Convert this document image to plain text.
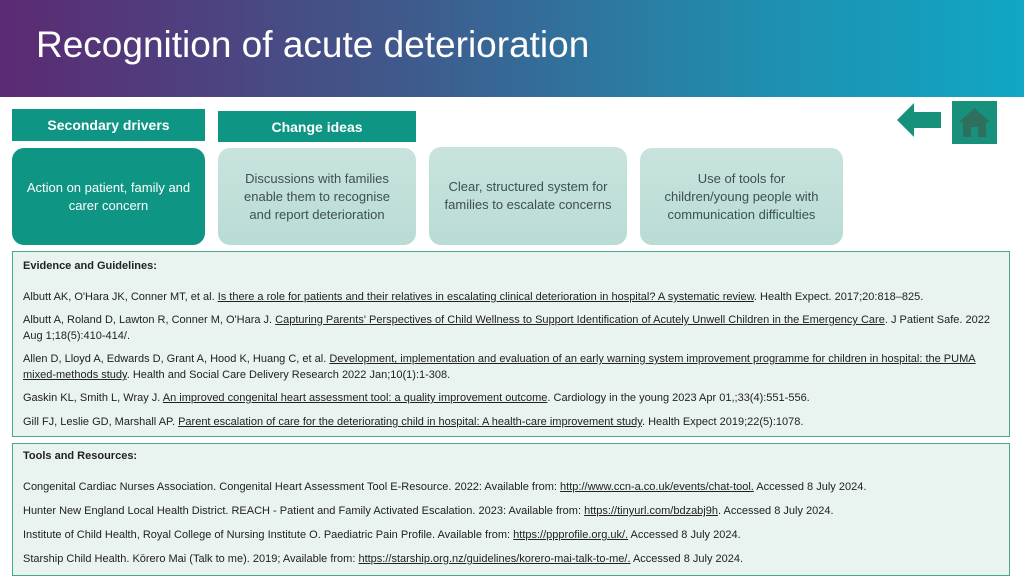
Recognition of acute deterioration
Secondary drivers	Change ideas
Action on patient, family and carer concern
Discussions with families enable them to recognise and report deterioration
Clear, structured system for families to escalate concerns
Use of tools for children/young people with communication difficulties
Evidence and Guidelines:
Albutt AK, O'Hara JK, Conner MT, et al. Is there a role for patients and their relatives in escalating clinical deterioration in hospital? A systematic review. Health Expect. 2017;20:818–825.
Albutt A, Roland D, Lawton R, Conner M, O'Hara J. Capturing Parents' Perspectives of Child Wellness to Support Identification of Acutely Unwell Children in the Emergency Care. J Patient Safe. 2022 Aug 1;18(5):410-414/.
Allen D, Lloyd A, Edwards D, Grant A, Hood K, Huang C, et al. Development, implementation and evaluation of an early warning system improvement programme for children in hospital: the PUMA mixed-methods study. Health and Social Care Delivery Research 2022 Jan;10(1):1-308.
Gaskin KL, Smith L, Wray J. An improved congenital heart assessment tool: a quality improvement outcome. Cardiology in the young 2023 Apr 01,;33(4):551-556.
Gill FJ, Leslie GD, Marshall AP. Parent escalation of care for the deteriorating child in hospital: A health-care improvement study. Health Expect 2019;22(5):1078.
Tools and Resources:
Congenital Cardiac Nurses Association. Congenital Heart Assessment Tool E-Resource. 2022: Available from: http://www.ccn-a.co.uk/events/chat-tool. Accessed 8 July 2024.
Hunter New England Local Health District. REACH - Patient and Family Activated Escalation. 2023: Available from: https://tinyurl.com/bdzabj9h. Accessed 8 July 2024.
Institute of Child Health, Royal College of Nursing Institute O. Paediatric Pain Profile. Available from: https://ppprofile.org.uk/. Accessed 8 July 2024.
Starship Child Health. Kōrero Mai (Talk to me). 2019; Available from: https://starship.org.nz/guidelines/korero-mai-talk-to-me/. Accessed 8 July 2024.
